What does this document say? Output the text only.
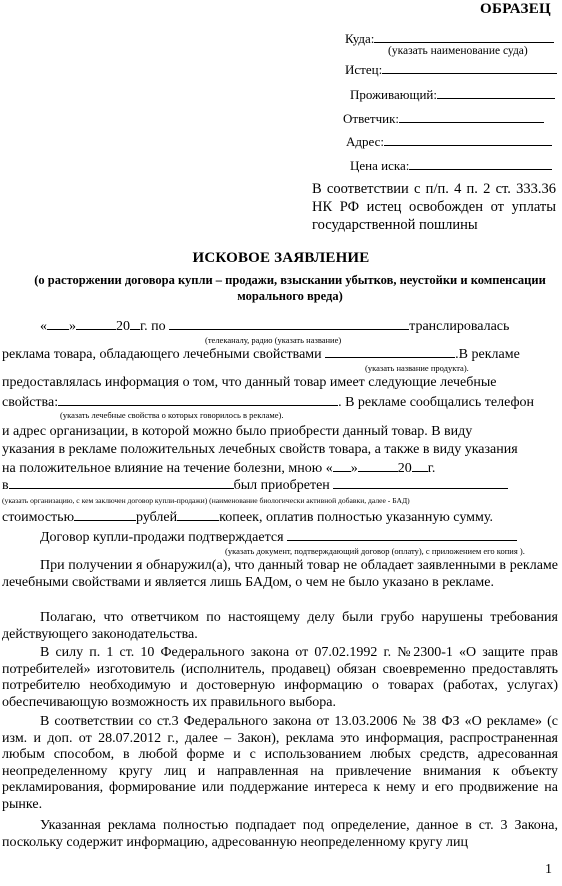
ОБРАЗЕЦ
Куда:
(указать наименование суда)
Истец:
Проживающий:
Ответчик:
Адрес:
Цена иска:
В соответствии с п/п. 4 п. 2 ст. 333.36 НК РФ истец освобожден от уплаты государственной пошлины
ИСКОВОЕ ЗАЯВЛЕНИЕ
(о расторжении договора купли – продажи, взыскании убытков, неустойки и компенсации морального вреда)
« »	20 г. по	транслировалась
(телеканалу, радио (указать название)
реклама товара, обладающего лечебными свойствами	.В рекламе
(указать название продукта).
предоставлялась информация о том, что данный товар имеет следующие лечебные
свойства:	. В рекламе сообщались телефон
(указать лечебные свойства о которых говорилось в рекламе).
и адрес организации, в которой можно было приобрести данный товар. В виду
указания в рекламе положительных лечебных свойств товара, а также в виду указания
на положительное влияние на течение болезни, мною « »	20 г.
в	был приобретен
(указать организацию, с кем заключен договор купли-продажи) (наименование биологически активной добавки, далее - БАД)
стоимостью	рублей	копеек, оплатив полностью указанную сумму.
Договор купли-продажи подтверждается
(указать документ, подтверждающий договор (оплату), с приложением его копия ).
При получении я обнаружил(а), что данный товар не обладает заявленными в рекламе лечебными свойствами и является лишь БАДом, о чем не было указано в рекламе.
Полагаю, что ответчиком по настоящему делу были грубо нарушены требования действующего законодательства.
В силу п. 1 ст. 10 Федерального закона от 07.02.1992 г. №2300-1 «О защите прав потребителей» изготовитель (исполнитель, продавец) обязан своевременно предоставлять потребителю необходимую и достоверную информацию о товарах (работах, услугах) обеспечивающую возможность их правильного выбора.
В соответствии со ст.3 Федерального закона от 13.03.2006 № 38 ФЗ «О рекламе» (с изм. и доп. от 28.07.2012 г., далее – Закон), реклама это информация, распространенная любым способом, в любой форме и с использованием любых средств, адресованная неопределенному кругу лиц и направленная на привлечение внимания к объекту рекламирования, формирование или поддержание интереса к нему и его продвижение на рынке.
Указанная реклама полностью подпадает под определение, данное в ст. 3 Закона, поскольку содержит информацию, адресованную неопределенному кругу лиц
1
